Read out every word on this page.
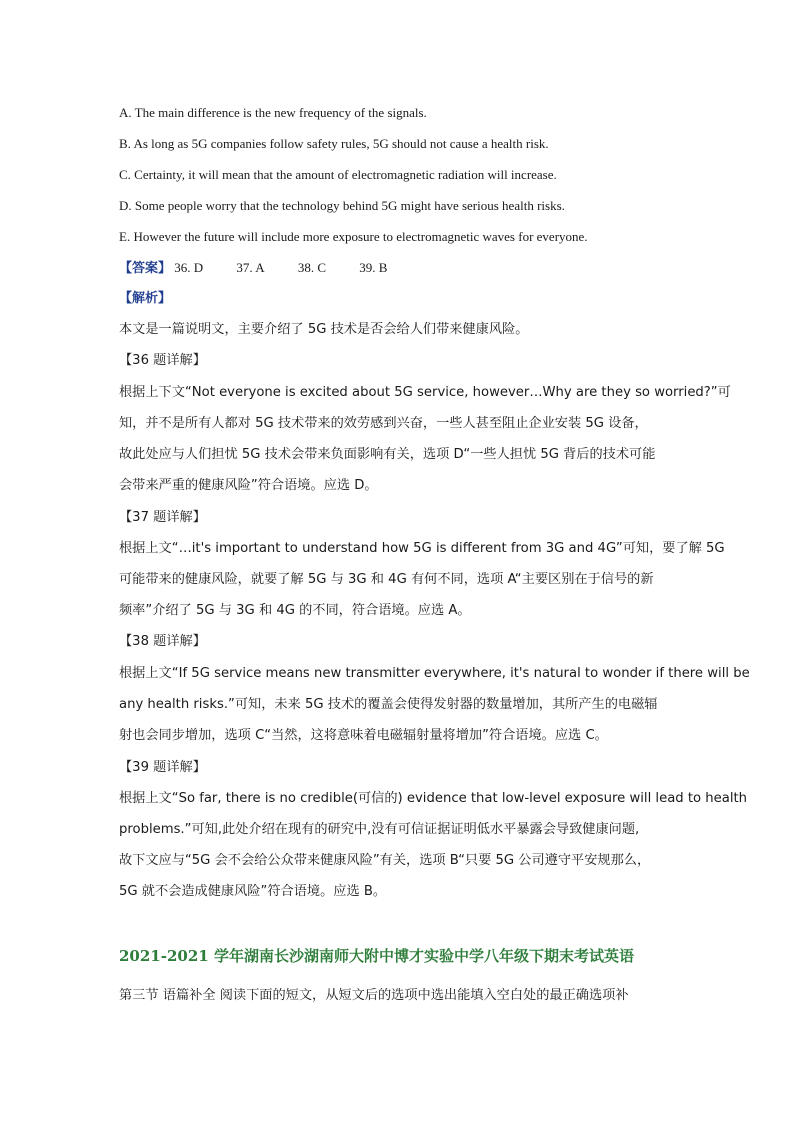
A. The main difference is the new frequency of the signals.
B. As long as 5G companies follow safety rules, 5G should not cause a health risk.
C. Certainty, it will mean that the amount of electromagnetic radiation will increase.
D. Some people worry that the technology behind 5G might have serious health risks.
E. However the future will include more exposure to electromagnetic waves for everyone.
【答案】 36. D	37. A	38. C	39. B
【解析】
本文是一篇说明文，主要介绍了 5G 技术是否会给人们带来健康风险。
【36 题详解】
根据上下文“Not everyone is excited about 5G service, however…Why are they so worried?”可
知，并不是所有人都对 5G 技术带来的效劳感到兴奋，一些人甚至阻止企业安装 5G 设备，
故此处应与人们担忧 5G 技术会带来负面影响有关，选项 D“一些人担忧 5G 背后的技术可能
会带来严重的健康风险”符合语境。应选 D。
【37 题详解】
根据上文“…it's important to understand how 5G is different from 3G and 4G”可知，要了解 5G
可能带来的健康风险，就要了解 5G 与 3G 和 4G 有何不同，选项 A“主要区别在于信号的新
频率”介绍了 5G 与 3G 和 4G 的不同，符合语境。应选 A。
【38 题详解】
根据上文“If 5G service means new transmitter everywhere, it's natural to wonder if there will be
any health risks.”可知，未来 5G 技术的覆盖会使得发射器的数量增加，其所产生的电磁辐
射也会同步增加，选项 C“当然，这将意味着电磁辐射量将增加”符合语境。应选 C。
【39 题详解】
根据上文“So far, there is no credible(可信的) evidence that low-level exposure will lead to health
problems.”可知,此处介绍在现有的研究中,没有可信证据证明低水平暴露会导致健康问题,
故下文应与“5G 会不会给公众带来健康风险”有关，选项 B“只要 5G 公司遵守平安规那么，
5G 就不会造成健康风险”符合语境。应选 B。
2021-2021 学年湖南长沙湖南师大附中博才实验中学八年级下期末考试英语
第三节 语篇补全 阅读下面的短文，从短文后的选项中选出能填入空白处的最正确选项补
